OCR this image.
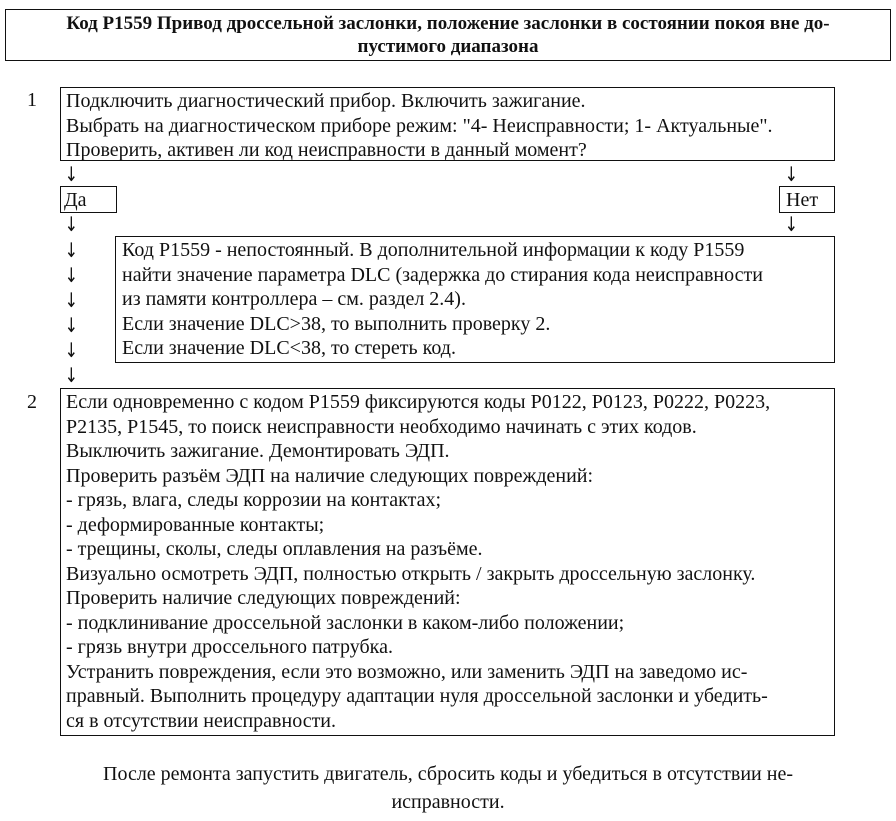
Код P1559 Привод дроссельной заслонки, положение заслонки в состоянии покоя вне до-
пустимого диапазона
1 Подключить диагностический прибор. Включить зажигание.
Выбрать на диагностическом приборе режим: "4- Неисправности; 1- Актуальные".
Проверить, активен ли код неисправности в данный момент?
↓	↓
Да	Нет
↓
↓
↓
↓
↓
↓
↓
↓
Код P1559 - непостоянный. В дополнительной информации к коду P1559
найти значение параметра DLC (задержка до стирания кода неисправности
из памяти контроллера – см. раздел 2.4).
Если значение DLC>38, то выполнить проверку 2.
Если значение DLC<38, то стереть код.
2 Если одновременно с кодом P1559 фиксируются коды P0122, P0123, P0222, P0223,
P2135, P1545, то поиск неисправности необходимо начинать с этих кодов.
Выключить зажигание. Демонтировать ЭДП.
Проверить разъём ЭДП на наличие следующих повреждений:
- грязь, влага, следы коррозии на контактах;
- деформированные контакты;
- трещины, сколы, следы оплавления на разъёме.
Визуально осмотреть ЭДП, полностью открыть / закрыть дроссельную заслонку.
Проверить наличие следующих повреждений:
- подклинивание дроссельной заслонки в каком-либо положении;
- грязь внутри дроссельного патрубка.
Устранить повреждения, если это возможно, или заменить ЭДП на заведомо ис-
правный. Выполнить процедуру адаптации нуля дроссельной заслонки и убедить-
ся в отсутствии неисправности.
После ремонта запустить двигатель, сбросить коды и убедиться в отсутствии не-
исправности.
